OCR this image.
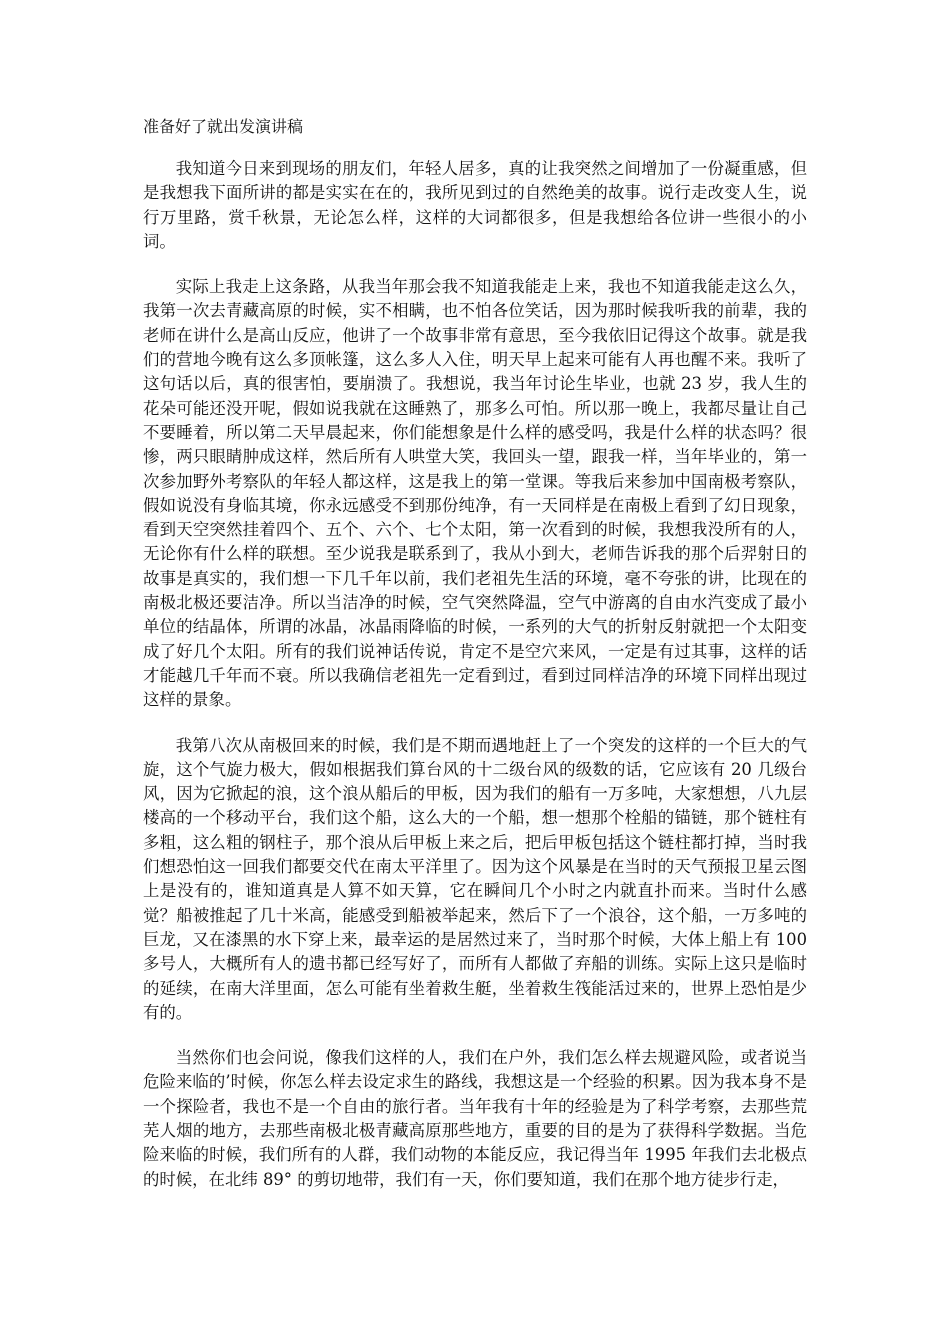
准备好了就出发演讲稿

我知道今日来到现场的朋友们，年轻人居多，真的让我突然之间增加了一份凝重感，但是我想我下面所讲的都是实实在在的，我所见到过的自然绝美的故事。说行走改变人生，说行万里路，赏千秋景，无论怎么样，这样的大词都很多，但是我想给各位讲一些很小的小词。

实际上我走上这条路，从我当年那会我不知道我能走上来，我也不知道我能走这么久，我第一次去青藏高原的时候，实不相瞒，也不怕各位笑话，因为那时候我听我的前辈，我的老师在讲什么是高山反应，他讲了一个故事非常有意思，至今我依旧记得这个故事。就是我们的营地今晚有这么多顶帐篷，这么多人入住，明天早上起来可能有人再也醒不来。我听了这句话以后，真的很害怕，要崩溃了。我想说，我当年讨论生毕业，也就 23 岁，我人生的花朵可能还没开呢，假如说我就在这睡熟了，那多么可怕。所以那一晚上，我都尽量让自己不要睡着，所以第二天早晨起来，你们能想象是什么样的感受吗，我是什么样的状态吗？很惨，两只眼睛肿成这样，然后所有人哄堂大笑，我回头一望，跟我一样，当年毕业的，第一次参加野外考察队的年轻人都这样，这是我上的第一堂课。等我后来参加中国南极考察队，假如说没有身临其境，你永远感受不到那份纯净，有一天同样是在南极上看到了幻日现象，看到天空突然挂着四个、五个、六个、七个太阳，第一次看到的时候，我想我没所有的人，无论你有什么样的联想。至少说我是联系到了，我从小到大，老师告诉我的那个后羿射日的故事是真实的，我们想一下几千年以前，我们老祖先生活的环境，毫不夸张的讲，比现在的南极北极还要洁净。所以当洁净的时候，空气突然降温，空气中游离的自由水汽变成了最小单位的结晶体，所谓的冰晶，冰晶雨降临的时候，一系列的大气的折射反射就把一个太阳变成了好几个太阳。所有的我们说神话传说，肯定不是空穴来风，一定是有过其事，这样的话才能越几千年而不衰。所以我确信老祖先一定看到过，看到过同样洁净的环境下同样出现过这样的景象。

我第八次从南极回来的时候，我们是不期而遇地赶上了一个突发的这样的一个巨大的气旋，这个气旋力极大，假如根据我们算台风的十二级台风的级数的话，它应该有 20 几级台风，因为它掀起的浪，这个浪从船后的甲板，因为我们的船有一万多吨，大家想想，八九层楼高的一个移动平台，我们这个船，这么大的一个船，想一想那个栓船的锚链，那个链柱有多粗，这么粗的钢柱子，那个浪从后甲板上来之后，把后甲板包括这个链柱都打掉，当时我们想恐怕这一回我们都要交代在南太平洋里了。因为这个风暴是在当时的天气预报卫星云图上是没有的，谁知道真是人算不如天算，它在瞬间几个小时之内就直扑而来。当时什么感觉？船被推起了几十米高，能感受到船被举起来，然后下了一个浪谷，这个船，一万多吨的巨龙，又在漆黑的水下穿上来，最幸运的是居然过来了，当时那个时候，大体上船上有 100 多号人，大概所有人的遗书都已经写好了，而所有人都做了弃船的训练。实际上这只是临时的延续，在南大洋里面，怎么可能有坐着救生艇，坐着救生筏能活过来的，世界上恐怕是少有的。

当然你们也会问说，像我们这样的人，我们在户外，我们怎么样去规避风险，或者说当危险来临的’时候，你怎么样去设定求生的路线，我想这是一个经验的积累。因为我本身不是一个探险者，我也不是一个自由的旅行者。当年我有十年的经验是为了科学考察，去那些荒芜人烟的地方，去那些南极北极青藏高原那些地方，重要的目的是为了获得科学数据。当危险来临的时候，我们所有的人群，我们动物的本能反应，我记得当年 1995 年我们去北极点的时候，在北纬 89° 的剪切地带，我们有一天，你们要知道，我们在那个地方徒步行走，
